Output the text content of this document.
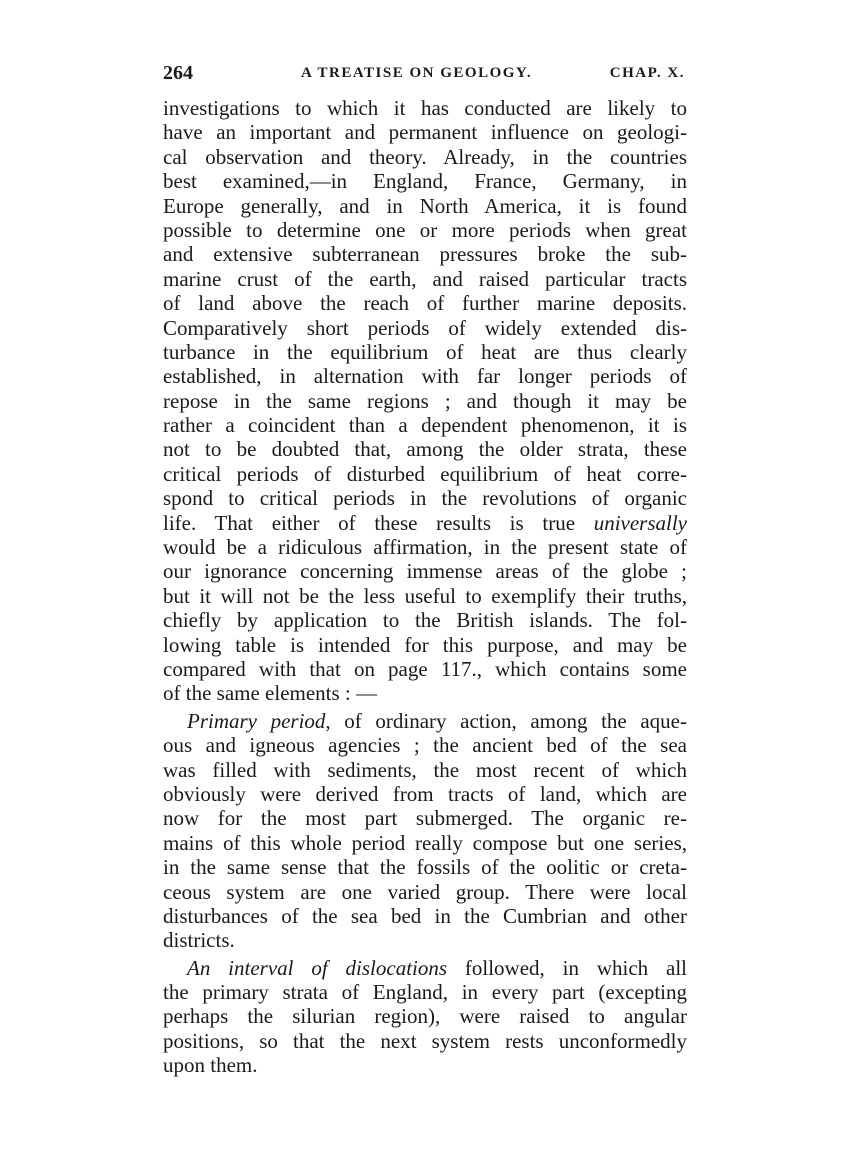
264	A TREATISE ON GEOLOGY.	CHAP. X.
investigations to which it has conducted are likely to
have an important and permanent influence on geologi-
cal observation and theory. Already, in the countries
best examined,—in England, France, Germany, in
Europe generally, and in North America, it is found
possible to determine one or more periods when great
and extensive subterranean pressures broke the sub-
marine crust of the earth, and raised particular tracts
of land above the reach of further marine deposits.
Comparatively short periods of widely extended dis-
turbance in the equilibrium of heat are thus clearly
established, in alternation with far longer periods of
repose in the same regions ; and though it may be
rather a coincident than a dependent phenomenon, it is
not to be doubted that, among the older strata, these
critical periods of disturbed equilibrium of heat corre-
spond to critical periods in the revolutions of organic
life. That either of these results is true universally
would be a ridiculous affirmation, in the present state of
our ignorance concerning immense areas of the globe ;
but it will not be the less useful to exemplify their truths,
chiefly by application to the British islands. The fol-
lowing table is intended for this purpose, and may be
compared with that on page 117., which contains some
of the same elements : —
Primary period, of ordinary action, among the aque-
ous and igneous agencies ; the ancient bed of the sea
was filled with sediments, the most recent of which
obviously were derived from tracts of land, which are
now for the most part submerged. The organic re-
mains of this whole period really compose but one series,
in the same sense that the fossils of the oolitic or creta-
ceous system are one varied group. There were local
disturbances of the sea bed in the Cumbrian and other
districts.
An interval of dislocations followed, in which all
the primary strata of England, in every part (excepting
perhaps the silurian region), were raised to angular
positions, so that the next system rests unconformedly
upon them.
